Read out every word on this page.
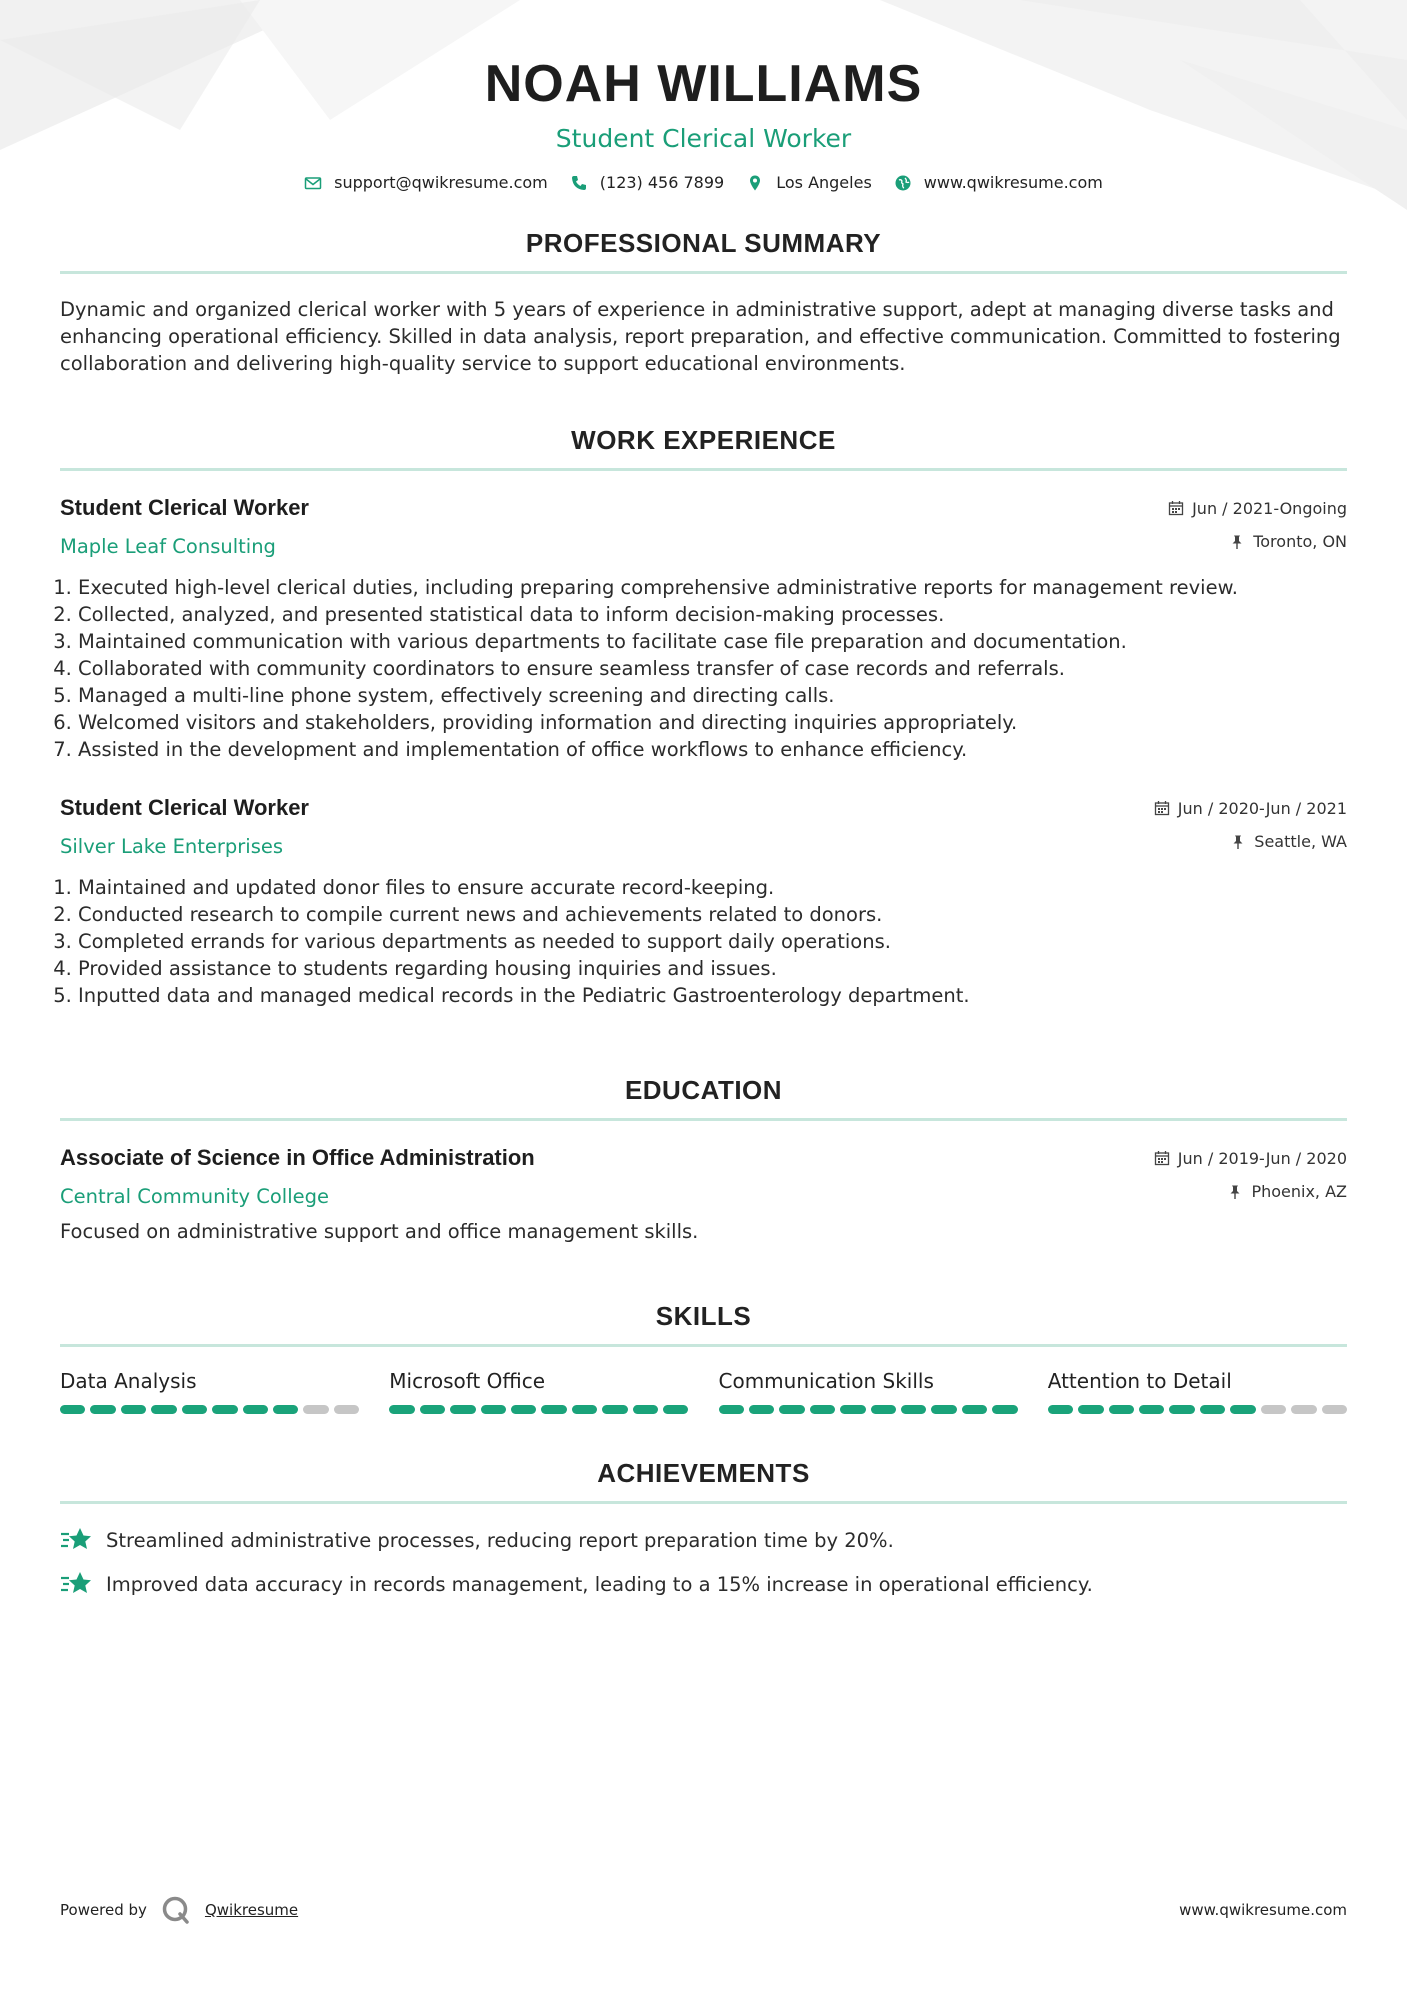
NOAH WILLIAMS
Student Clerical Worker
support@qwikresume.com	(123) 456 7899	Los Angeles	www.qwikresume.com
PROFESSIONAL SUMMARY

Dynamic and organized clerical worker with 5 years of experience in administrative support, adept at managing diverse tasks and enhancing operational efficiency. Skilled in data analysis, report preparation, and effective communication. Committed to fostering collaboration and delivering high-quality service to support educational environments.

WORK EXPERIENCE
Student Clerical Worker	Jun / 2021-Ongoing
Maple Leaf Consulting	Toronto, ON
1. Executed high-level clerical duties, including preparing comprehensive administrative reports for management review.
2. Collected, analyzed, and presented statistical data to inform decision-making processes.
3. Maintained communication with various departments to facilitate case file preparation and documentation.
4. Collaborated with community coordinators to ensure seamless transfer of case records and referrals.
5. Managed a multi-line phone system, effectively screening and directing calls.
6. Welcomed visitors and stakeholders, providing information and directing inquiries appropriately.
7. Assisted in the development and implementation of office workflows to enhance efficiency.
Student Clerical Worker	Jun / 2020-Jun / 2021
Silver Lake Enterprises	Seattle, WA
1. Maintained and updated donor files to ensure accurate record-keeping.
2. Conducted research to compile current news and achievements related to donors.
3. Completed errands for various departments as needed to support daily operations.
4. Provided assistance to students regarding housing inquiries and issues.
5. Inputted data and managed medical records in the Pediatric Gastroenterology department.
EDUCATION
Associate of Science in Office Administration	Jun / 2019-Jun / 2020
Central Community College	Phoenix, AZ

Focused on administrative support and office management skills.

SKILLS
Data Analysis	Microsoft Office	Communication Skills	Attention to Detail
ACHIEVEMENTS
Streamlined administrative processes, reducing report preparation time by 20%.
Improved data accuracy in records management, leading to a 15% increase in operational efficiency.
Powered by	Qwikresume	www.qwikresume.com
